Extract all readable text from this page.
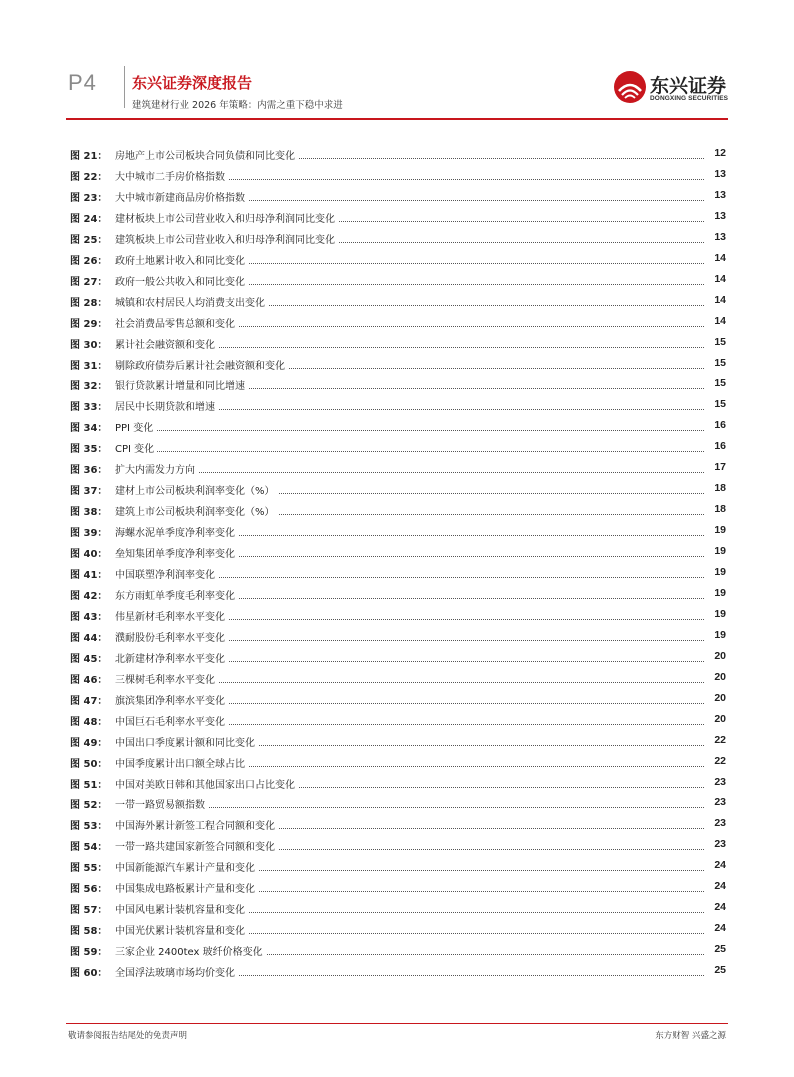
P4 东兴证券深度报告
建筑建材行业 2026 年策略：内需之重下稳中求进
东兴证券
DONGXING SECURITIES
图 21： 房地产上市公司板块合同负债和同比变化	12
图 22： 大中城市二手房价格指数	13
图 23： 大中城市新建商品房价格指数	13
图 24： 建材板块上市公司营业收入和归母净利润同比变化	13
图 25： 建筑板块上市公司营业收入和归母净利润同比变化	13
图 26： 政府土地累计收入和同比变化	14
图 27： 政府一般公共收入和同比变化	14
图 28： 城镇和农村居民人均消费支出变化	14
图 29： 社会消费品零售总额和变化	14
图 30： 累计社会融资额和变化	15
图 31： 剔除政府债券后累计社会融资额和变化	15
图 32： 银行贷款累计增量和同比增速	15
图 33： 居民中长期贷款和增速	15
图 34： PPI 变化	16
图 35： CPI 变化	16
图 36： 扩大内需发力方向	17
图 37： 建材上市公司板块利润率变化（%）	18
图 38： 建筑上市公司板块利润率变化（%）	18
图 39： 海螺水泥单季度净利率变化	19
图 40： 垒知集团单季度净利率变化	19
图 41： 中国联塑净利润率变化	19
图 42： 东方雨虹单季度毛利率变化	19
图 43： 伟星新材毛利率水平变化	19
图 44： 濮耐股份毛利率水平变化	19
图 45： 北新建材净利率水平变化	20
图 46： 三棵树毛利率水平变化	20
图 47： 旗滨集团净利率水平变化	20
图 48： 中国巨石毛利率水平变化	20
图 49： 中国出口季度累计额和同比变化	22
图 50： 中国季度累计出口额全球占比	22
图 51： 中国对美欧日韩和其他国家出口占比变化	23
图 52： 一带一路贸易额指数	23
图 53： 中国海外累计新签工程合同额和变化	23
图 54： 一带一路共建国家新签合同额和变化	23
图 55： 中国新能源汽车累计产量和变化	24
图 56： 中国集成电路板累计产量和变化	24
图 57： 中国风电累计装机容量和变化	24
图 58： 中国光伏累计装机容量和变化	24
图 59： 三家企业 2400tex 玻纤价格变化	25
图 60： 全国浮法玻璃市场均价变化	25
敬请参阅报告结尾处的免责声明	东方财智 兴盛之源
